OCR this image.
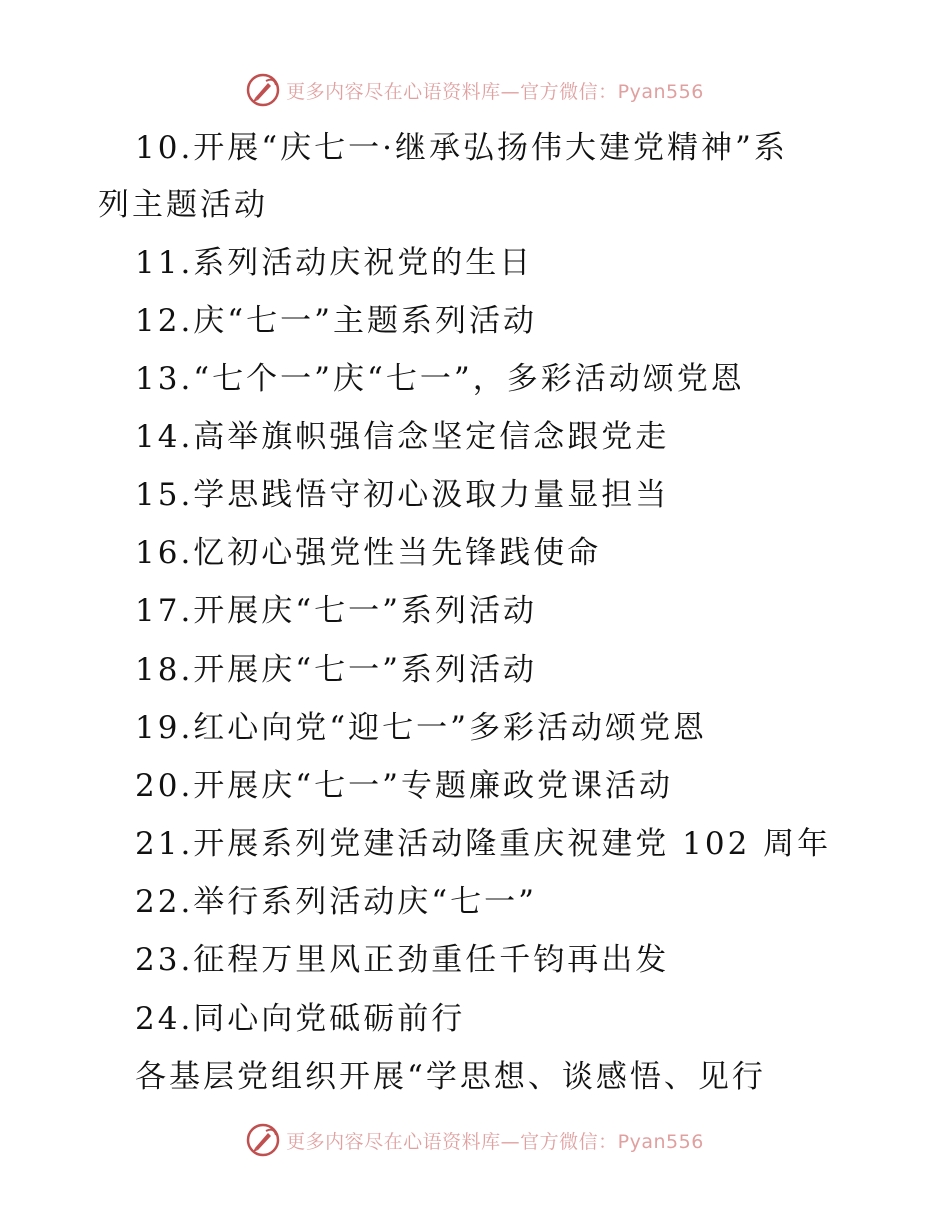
更多内容尽在心语资料库—官方微信：Pyan556
10.开展“庆七一·继承弘扬伟大建党精神”系
列主题活动
11.系列活动庆祝党的生日
12.庆“七一”主题系列活动
13.“七个一”庆“七一”，多彩活动颂党恩
14.高举旗帜强信念坚定信念跟党走
15.学思践悟守初心汲取力量显担当
16.忆初心强党性当先锋践使命
17.开展庆“七一”系列活动
18.开展庆“七一”系列活动
19.红心向党“迎七一”多彩活动颂党恩
20.开展庆“七一”专题廉政党课活动
21.开展系列党建活动隆重庆祝建党 102 周年
22.举行系列活动庆“七一”
23.征程万里风正劲重任千钧再出发
24.同心向党砥砺前行
各基层党组织开展“学思想、谈感悟、见行
更多内容尽在心语资料库—官方微信：Pyan556
